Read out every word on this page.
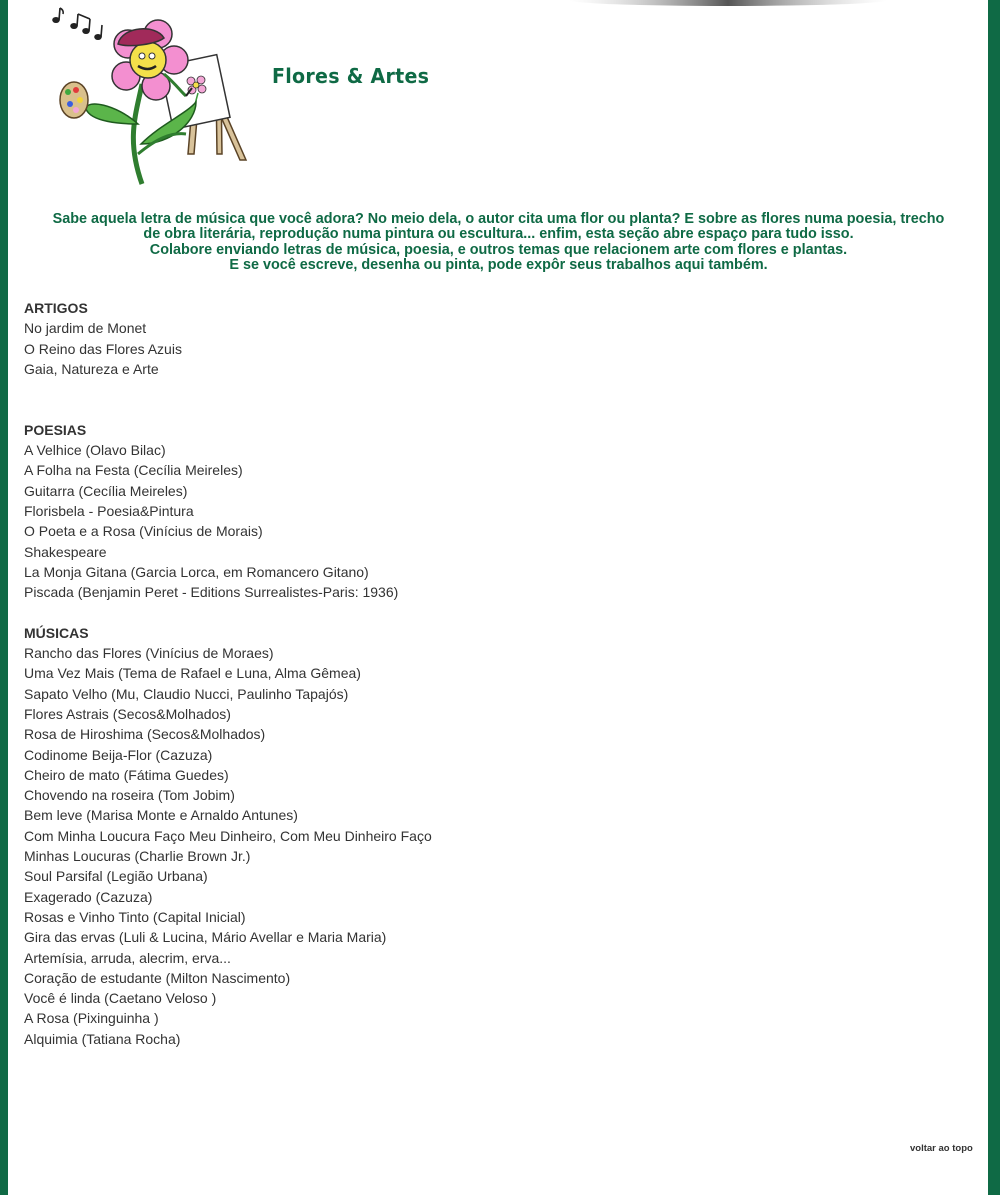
Flores & Artes

Sabe aquela letra de música que você adora? No meio dela, o autor cita uma flor ou planta? E sobre as flores numa poesia, trecho

de obra literária, reprodução numa pintura ou escultura... enfim, esta seção abre espaço para tudo isso.

Colabore enviando letras de música, poesia, e outros temas que relacionem arte com flores e plantas.

E se você escreve, desenha ou pinta, pode expôr seus trabalhos aqui também.

ARTIGOS
No jardim de Monet
O Reino das Flores Azuis
Gaia, Natureza e Arte
POESIAS
A Velhice (Olavo Bilac)
A Folha na Festa (Cecília Meireles)
Guitarra (Cecília Meireles)
Florisbela - Poesia&Pintura
O Poeta e a Rosa (Vinícius de Morais)
Shakespeare
La Monja Gitana (Garcia Lorca, em Romancero Gitano)
Piscada (Benjamin Peret - Editions Surrealistes-Paris: 1936)
MÚSICAS
Rancho das Flores (Vinícius de Moraes)
Uma Vez Mais (Tema de Rafael e Luna, Alma Gêmea)
Sapato Velho (Mu, Claudio Nucci, Paulinho Tapajós)
Flores Astrais (Secos&Molhados)
Rosa de Hiroshima (Secos&Molhados)
Codinome Beija-Flor (Cazuza)
Cheiro de mato (Fátima Guedes)
Chovendo na roseira (Tom Jobim)
Bem leve (Marisa Monte e Arnaldo Antunes)
Com Minha Loucura Faço Meu Dinheiro, Com Meu Dinheiro Faço
Minhas Loucuras (Charlie Brown Jr.)
Soul Parsifal (Legião Urbana)
Exagerado (Cazuza)
Rosas e Vinho Tinto (Capital Inicial)
Gira das ervas (Luli & Lucina, Mário Avellar e Maria Maria)
Artemísia, arruda, alecrim, erva...
Coração de estudante (Milton Nascimento)
Você é linda (Caetano Veloso )
A Rosa (Pixinguinha )
Alquimia (Tatiana Rocha)
voltar ao topo
